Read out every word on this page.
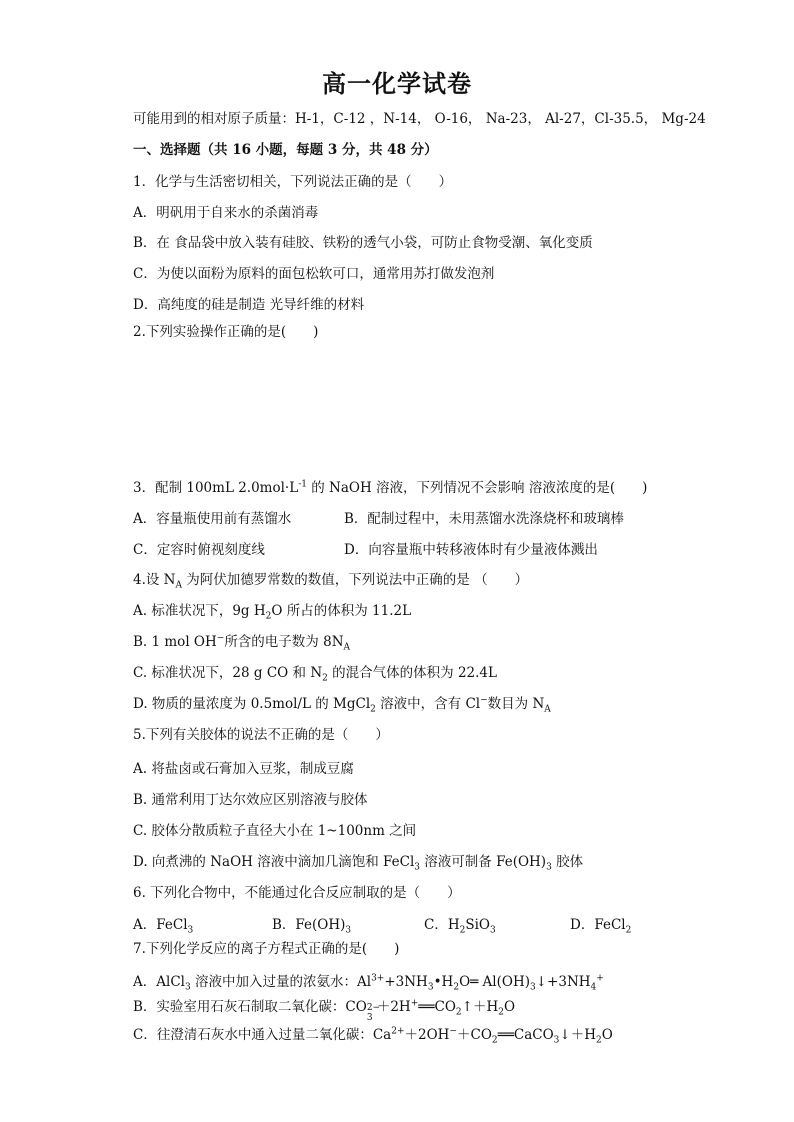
高一化学试卷
可能用到的相对原子质量：H-1，C-12 ，N-14， O-16， Na-23， Al-27，Cl-35.5， Mg-24
一、选择题（共 16 小题，每题 3 分，共 48 分）
1．化学与生活密切相关，下列说法正确的是（　　）
A．明矾用于自来水的杀菌消毒
B．在 食品袋中放入装有硅胶、铁粉的透气小袋，可防止食物受潮、氧化变质
C．为使以面粉为原料的面包松软可口，通常用苏打做发泡剂
D．高纯度的硅是制造 光导纤维的材料
2.下列实验操作正确的是(　　)
3．配制 100mL $2.0mol\cdot L^{-1}$ 的 NaOH 溶液，下列情况不会影响 溶液浓度的是(　　)
A．容量瓶使用前有蒸馏水	B．配制过程中，未用蒸馏水洗涤烧杯和玻璃棒
C．定容时俯视刻度线	D．向容量瓶中转移液体时有少量液体溅出
4.设 $N_A$ 为阿伏加德罗常数的数值，下列说法中正确的是 （　　）
A. 标准状况下，9g $H_2O$ 所占的体积为 11.2L
B. 1 mol OH−所含的电子数为 $8N_A$
C. 标准状况下，28 g CO 和 $N_2$ 的混合气体的体积为 22.4L
D. 物质的量浓度为 0.5mol/L 的 MgCl$_2$ 溶液中，含有 Cl−数目为 $N_A$
5.下列有关胶体的说法不正确的是（　　）
A. 将盐卤或石膏加入豆浆，制成豆腐
B. 通常利用丁达尔效应区别溶液与胶体
C. 胶体分散质粒子直径大小在 1~100nm 之间
D. 向煮沸的 NaOH 溶液中滴加几滴饱和 FeCl$_3$ 溶液可制备 $Fe(OH)_3$ 胶体
6. 下列化合物中，不能通过化合反应制取的是（　　）
A．FeCl$_3$	B．$Fe(OH)_3$	C．$H_2SiO_3$	D．FeCl$_2$
7.下列化学反应的离子方程式正确的是(　　)
A．AlCl$_3$ 溶液中加入过量的浓氨水：$Al^{3+}+3NH_3•H_2O═$ $Al(OH)_3↓+3NH_4^+$
B．实验室用石灰石制取二氧化碳：CO 2−
3
$+2H^+══CO_2↑+H_2O$
C．往澄清石灰水中通入过量二氧化碳：$Ca^{2+}+2OH^-+CO_2══CaCO_3↓+H_2O$
